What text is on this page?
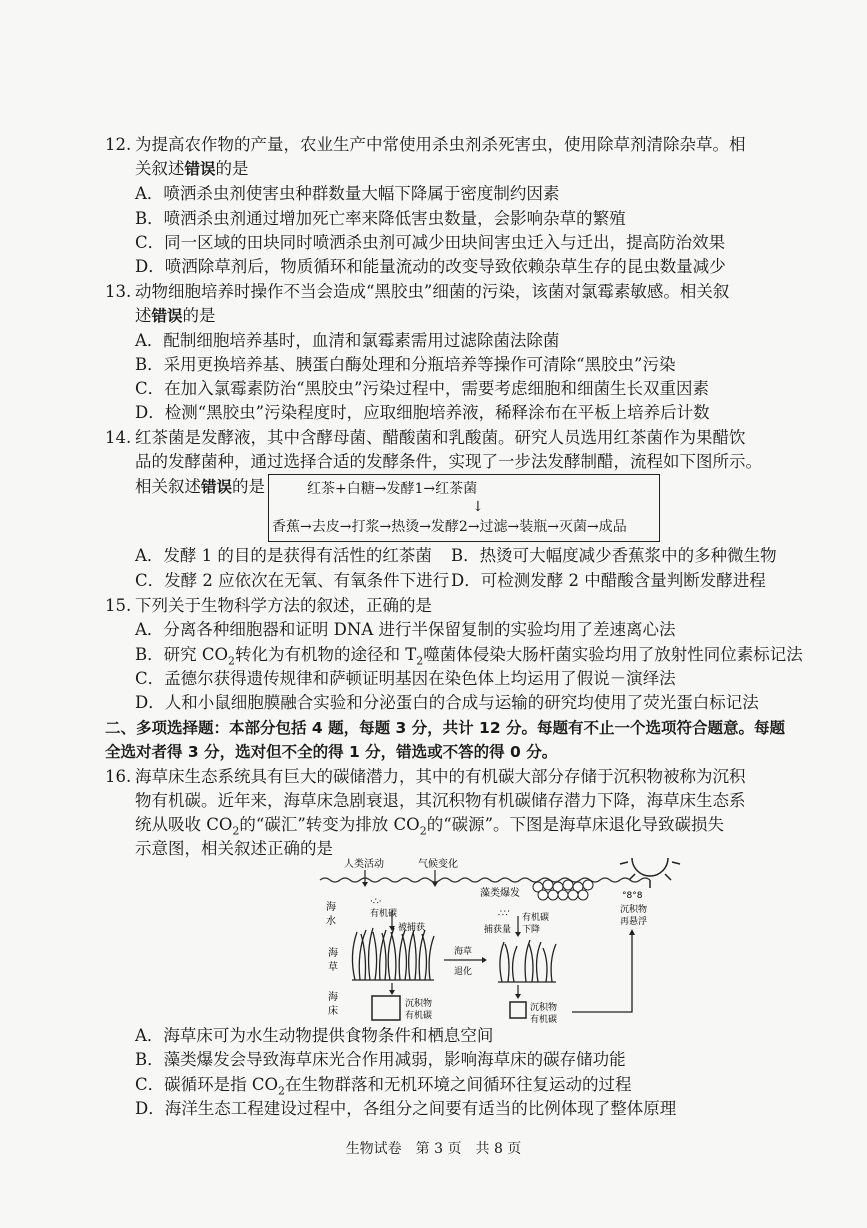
12. 为提高农作物的产量，农业生产中常使用杀虫剂杀死害虫，使用除草剂清除杂草。相
关叙述错误的是
A．喷洒杀虫剂使害虫种群数量大幅下降属于密度制约因素
B．喷洒杀虫剂通过增加死亡率来降低害虫数量，会影响杂草的繁殖
C．同一区域的田块同时喷洒杀虫剂可减少田块间害虫迁入与迁出，提高防治效果
D．喷洒除草剂后，物质循环和能量流动的改变导致依赖杂草生存的昆虫数量减少
13. 动物细胞培养时操作不当会造成“黑胶虫”细菌的污染，该菌对氯霉素敏感。相关叙
述错误的是
A．配制细胞培养基时，血清和氯霉素需用过滤除菌法除菌
B．采用更换培养基、胰蛋白酶处理和分瓶培养等操作可清除“黑胶虫”污染
C．在加入氯霉素防治“黑胶虫”污染过程中，需要考虑细胞和细菌生长双重因素
D．检测“黑胶虫”污染程度时，应取细胞培养液，稀释涂布在平板上培养后计数
14. 红茶菌是发酵液，其中含酵母菌、醋酸菌和乳酸菌。研究人员选用红茶菌作为果醋饮
品的发酵菌种，通过选择合适的发酵条件，实现了一步法发酵制醋，流程如下图所示。
相关叙述错误的是	红茶+白糖→发酵1→红茶菌
↓
香蕉→去皮→打浆→热烫→发酵2→过滤→装瓶→灭菌→成品
A．发酵 1 的目的是获得有活性的红茶菌 B．热烫可大幅度减少香蕉浆中的多种微生物
C．发酵 2 应依次在无氧、有氧条件下进行 D．可检测发酵 2 中醋酸含量判断发酵进程
15. 下列关于生物科学方法的叙述，正确的是
A．分离各种细胞器和证明 DNA 进行半保留复制的实验均用了差速离心法
B．研究 $CO_2$转化为有机物的途径和 $T_2$噬菌体侵染大肠杆菌实验均用了放射性同位素标记法
C．孟德尔获得遗传规律和萨顿证明基因在染色体上均运用了假说－演绎法
D．人和小鼠细胞膜融合实验和分泌蛋白的合成与运输的研究均使用了荧光蛋白标记法
二、多项选择题：本部分包括 4 题，每题 3 分，共计 12 分。每题有不止一个选项符合题意。每题
全选对者得 3 分，选对但不全的得 1 分，错选或不答的得 0 分。
16. 海草床生态系统具有巨大的碳储潜力，其中的有机碳大部分存储于沉积物被称为沉积
物有机碳。近年来，海草床急剧衰退，其沉积物有机碳储存潜力下降，海草床生态系
统从吸收 $CO_2$的“碳汇”转变为排放 $CO_2$的“碳源”。下图是海草床退化导致碳损失
示意图，相关叙述正确的是
人类活动	气候变化
藻类爆发
海
水
海
草
海
床
·∴·
有机碳
被捕获
海草
退化
∴∵ 有机碳
捕获量 下降
沉积物
有机碳
沉积物
有机碳
°8°8
沉积物
再悬浮
A．海草床可为水生动物提供食物条件和栖息空间
B．藻类爆发会导致海草床光合作用减弱，影响海草床的碳存储功能
C．碳循环是指 $CO_2$在生物群落和无机环境之间循环往复运动的过程
D．海洋生态工程建设过程中，各组分之间要有适当的比例体现了整体原理
生物试卷　第 3 页　共 8 页
